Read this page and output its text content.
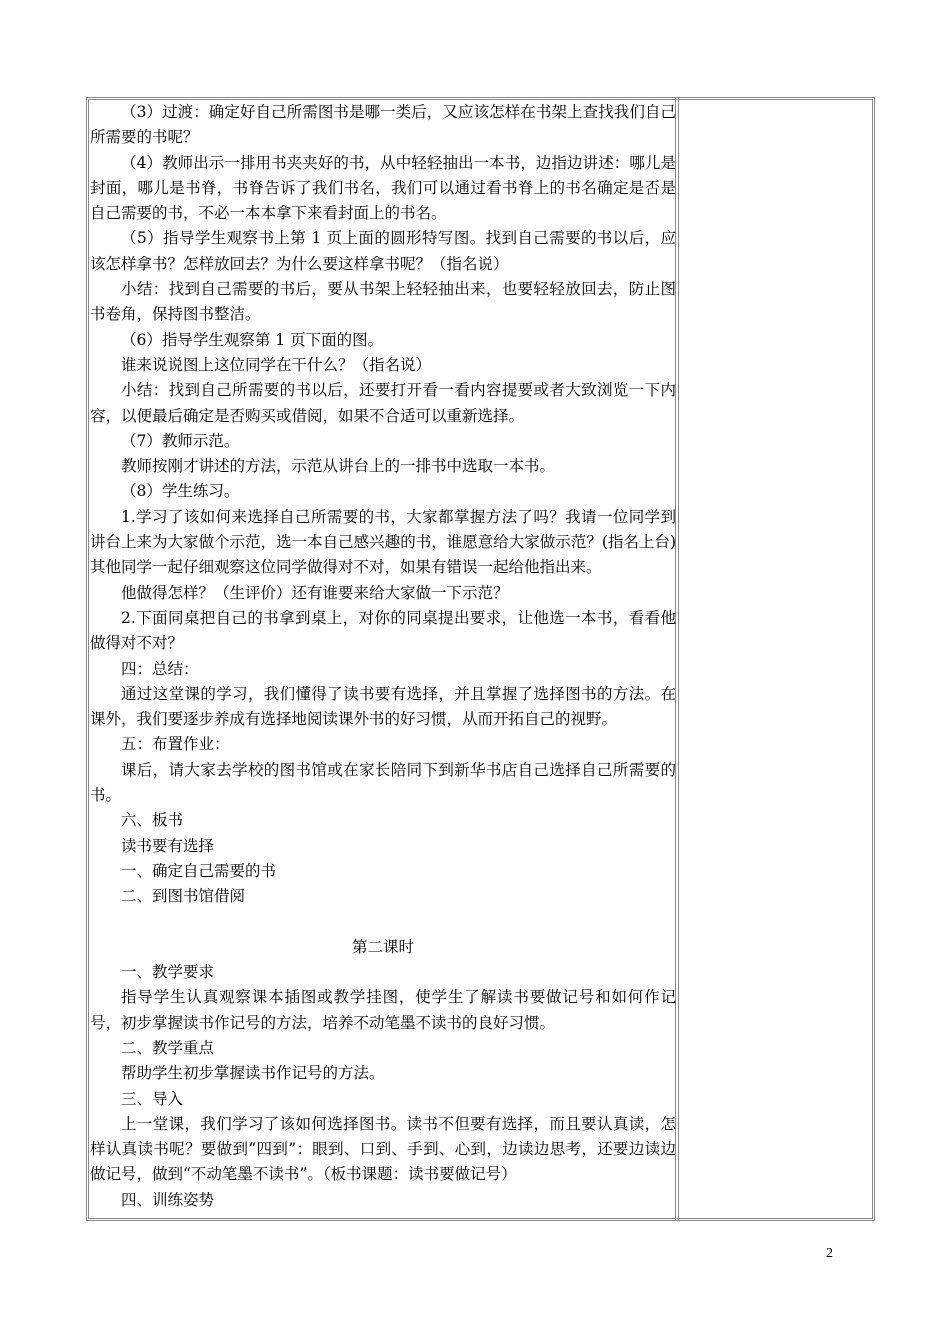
（3）过渡：确定好自己所需图书是哪一类后，又应该怎样在书架上查找我们自己所需要的书呢？

（4）教师出示一排用书夹夹好的书，从中轻轻抽出一本书，边指边讲述：哪儿是封面，哪儿是书脊，书脊告诉了我们书名，我们可以通过看书脊上的书名确定是否是自己需要的书，不必一本本拿下来看封面上的书名。

（5）指导学生观察书上第 1 页上面的圆形特写图。找到自己需要的书以后，应该怎样拿书？怎样放回去？为什么要这样拿书呢？（指名说）

小结：找到自己需要的书后，要从书架上轻轻抽出来，也要轻轻放回去，防止图书卷角，保持图书整洁。

（6）指导学生观察第 1 页下面的图。

谁来说说图上这位同学在干什么？（指名说）

小结：找到自己所需要的书以后，还要打开看一看内容提要或者大致浏览一下内容，以便最后确定是否购买或借阅，如果不合适可以重新选择。

（7）教师示范。

教师按刚才讲述的方法，示范从讲台上的一排书中选取一本书。

（8）学生练习。

1.学习了该如何来选择自己所需要的书，大家都掌握方法了吗？我请一位同学到讲台上来为大家做个示范，选一本自己感兴趣的书，谁愿意给大家做示范？(指名上台)其他同学一起仔细观察这位同学做得对不对，如果有错误一起给他指出来。

他做得怎样？（生评价）还有谁要来给大家做一下示范？

2.下面同桌把自己的书拿到桌上，对你的同桌提出要求，让他选一本书，看看他做得对不对？

四：总结：

通过这堂课的学习，我们懂得了读书要有选择，并且掌握了选择图书的方法。在课外，我们要逐步养成有选择地阅读课外书的好习惯，从而开拓自己的视野。

五：布置作业：

课后，请大家去学校的图书馆或在家长陪同下到新华书店自己选择自己所需要的书。

六、板书

读书要有选择

一、确定自己需要的书

二、到图书馆借阅

第二课时

一、教学要求

指导学生认真观察课本插图或教学挂图，使学生了解读书要做记号和如何作记号，初步掌握读书作记号的方法，培养不动笔墨不读书的良好习惯。

二、教学重点

帮助学生初步掌握读书作记号的方法。

三、导入

上一堂课，我们学习了该如何选择图书。读书不但要有选择，而且要认真读，怎样认真读书呢？要做到“四到”：眼到、口到、手到、心到，边读边思考，还要边读边做记号，做到“不动笔墨不读书”。（板书课题：读书要做记号）

四、训练姿势

2
